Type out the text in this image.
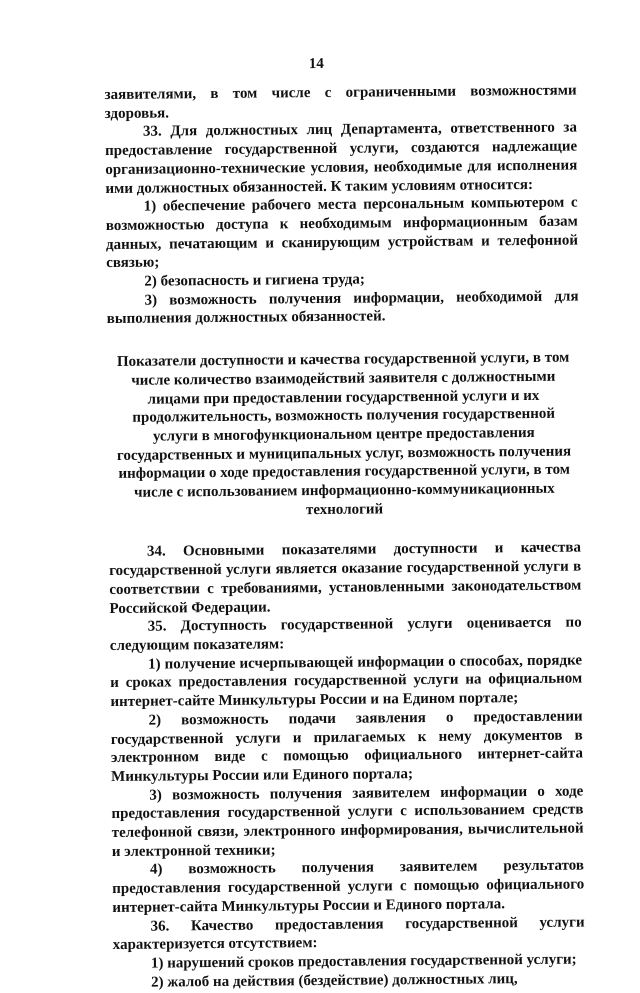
14

заявителями, в том числе с ограниченными возможностями здоровья.

33. Для должностных лиц Департамента, ответственного за предоставление государственной услуги, создаются надлежащие организационно-технические условия, необходимые для исполнения ими должностных обязанностей. К таким условиям относится:

1) обеспечение рабочего места персональным компьютером с возможностью доступа к необходимым информационным базам данных, печатающим и сканирующим устройствам и телефонной связью;

2) безопасность и гигиена труда;

3) возможность получения информации, необходимой для выполнения должностных обязанностей.

Показатели доступности и качества государственной услуги, в том числе количество взаимодействий заявителя с должностными лицами при предоставлении государственной услуги и их продолжительность, возможность получения государственной услуги в многофункциональном центре предоставления государственных и муниципальных услуг, возможность получения информации о ходе предоставления государственной услуги, в том числе с использованием информационно-коммуникационных технологий

34. Основными показателями доступности и качества государственной услуги является оказание государственной услуги в соответствии с требованиями, установленными законодательством Российской Федерации.

35. Доступность государственной услуги оценивается по следующим показателям:

1) получение исчерпывающей информации о способах, порядке и сроках предоставления государственной услуги на официальном интернет-сайте Минкультуры России и на Едином портале;

2) возможность подачи заявления о предоставлении государственной услуги и прилагаемых к нему документов в электронном виде с помощью официального интернет-сайта Минкультуры России или Единого портала;

3) возможность получения заявителем информации о ходе предоставления государственной услуги с использованием средств телефонной связи, электронного информирования, вычислительной и электронной техники;

4) возможность получения заявителем результатов предоставления государственной услуги с помощью официального интернет-сайта Минкультуры России и Единого портала.

36. Качество предоставления государственной услуги характеризуется отсутствием:

1) нарушений сроков предоставления государственной услуги;

2) жалоб на действия (бездействие) должностных лиц,
